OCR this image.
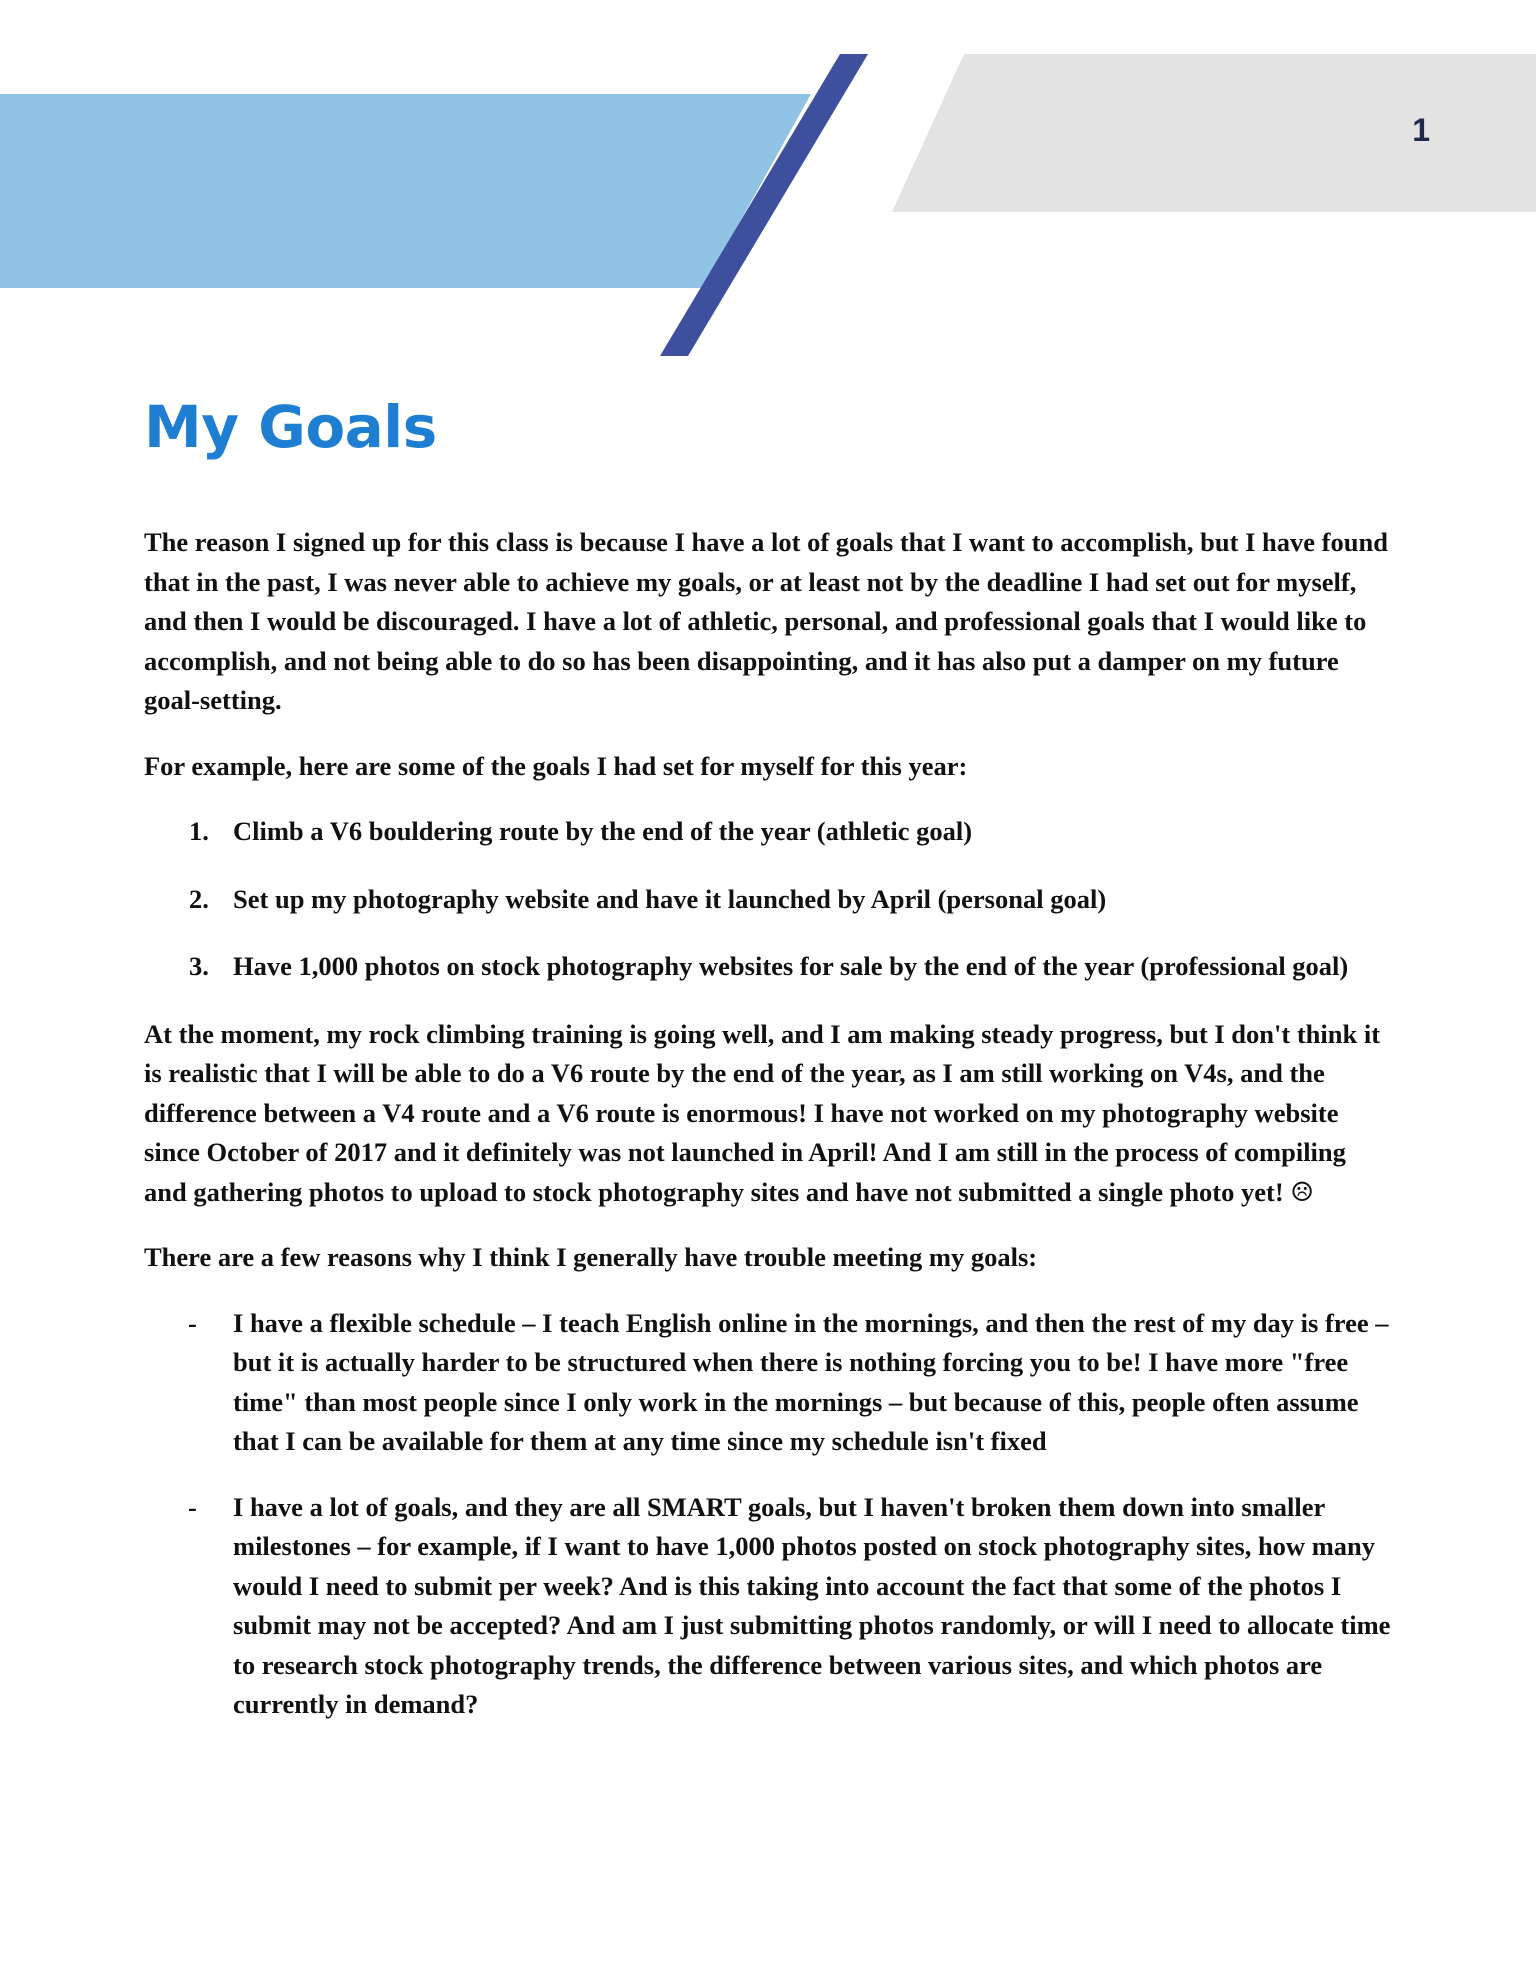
1
My Goals

The reason I signed up for this class is because I have a lot of goals that I want to accomplish, but I have found that in the past, I was never able to achieve my goals, or at least not by the deadline I had set out for myself, and then I would be discouraged. I have a lot of athletic, personal, and professional goals that I would like to accomplish, and not being able to do so has been disappointing, and it has also put a damper on my future goal-setting.

For example, here are some of the goals I had set for myself for this year:

1. Climb a V6 bouldering route by the end of the year (athletic goal)
2. Set up my photography website and have it launched by April (personal goal)
3. Have 1,000 photos on stock photography websites for sale by the end of the year (professional goal)

At the moment, my rock climbing training is going well, and I am making steady progress, but I don't think it is realistic that I will be able to do a V6 route by the end of the year, as I am still working on V4s, and the difference between a V4 route and a V6 route is enormous! I have not worked on my photography website since October of 2017 and it definitely was not launched in April! And I am still in the process of compiling and gathering photos to upload to stock photography sites and have not submitted a single photo yet! ☹

There are a few reasons why I think I generally have trouble meeting my goals:

- I have a flexible schedule – I teach English online in the mornings, and then the rest of my day is free – but it is actually harder to be structured when there is nothing forcing you to be! I have more "free time" than most people since I only work in the mornings – but because of this, people often assume that I can be available for them at any time since my schedule isn't fixed
- I have a lot of goals, and they are all SMART goals, but I haven't broken them down into smaller milestones – for example, if I want to have 1,000 photos posted on stock photography sites, how many would I need to submit per week? And is this taking into account the fact that some of the photos I submit may not be accepted? And am I just submitting photos randomly, or will I need to allocate time to research stock photography trends, the difference between various sites, and which photos are currently in demand?
